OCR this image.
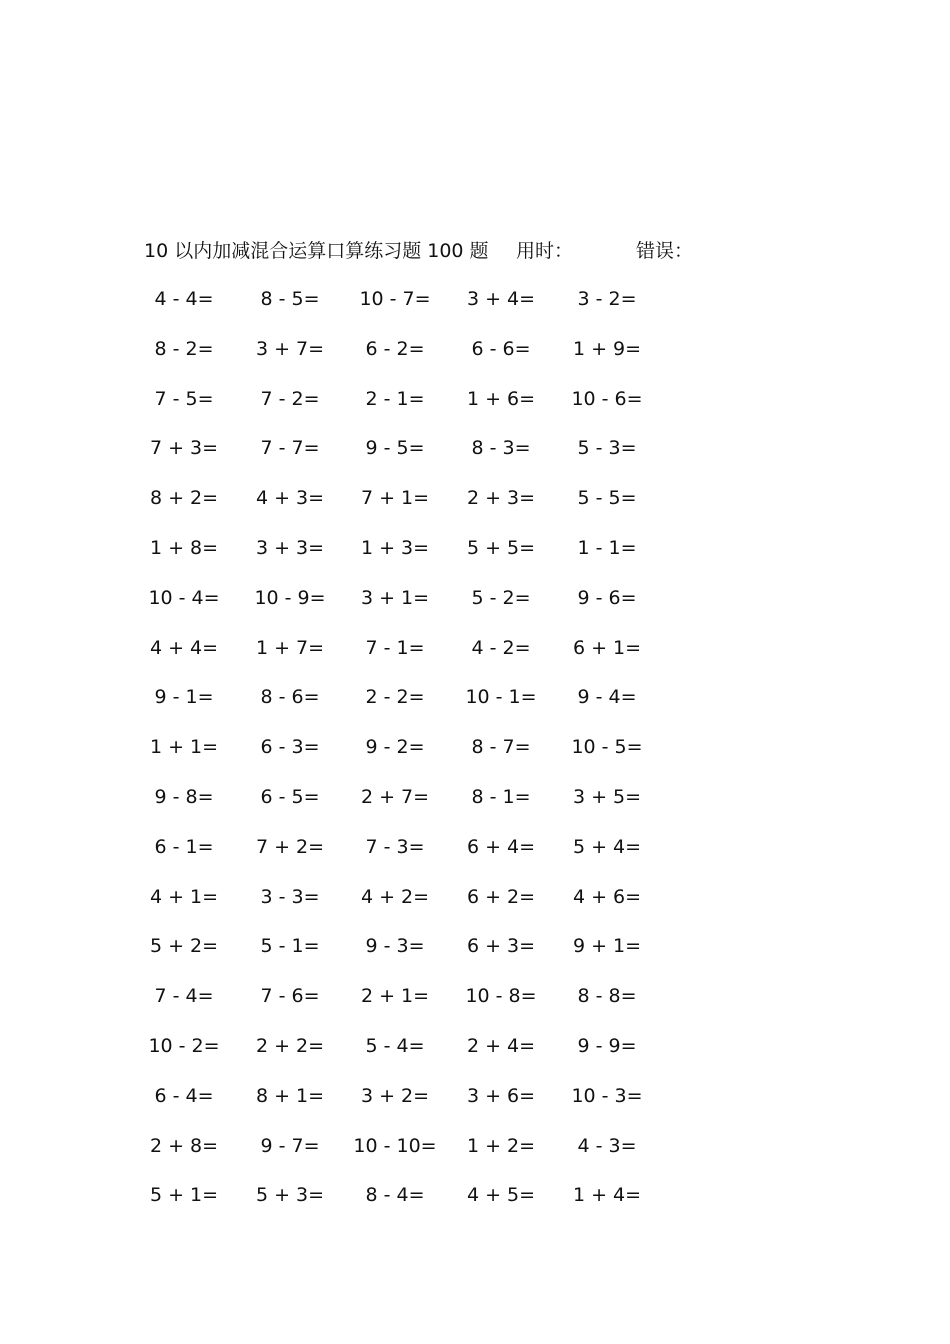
10 以内加减混合运算口算练习题 100 题 用时：	错误：
4 - 4= 8 - 5= 10 - 7= 3 + 4= 3 - 2=
8 - 2= 3 + 7= 6 - 2= 6 - 6= 1 + 9=
7 - 5= 7 - 2= 2 - 1= 1 + 6= 10 - 6=
7 + 3= 7 - 7= 9 - 5= 8 - 3= 5 - 3=
8 + 2= 4 + 3= 7 + 1= 2 + 3= 5 - 5=
1 + 8= 3 + 3= 1 + 3= 5 + 5= 1 - 1=
10 - 4= 10 - 9= 3 + 1= 5 - 2= 9 - 6=
4 + 4= 1 + 7= 7 - 1= 4 - 2= 6 + 1=
9 - 1= 8 - 6= 2 - 2= 10 - 1= 9 - 4=
1 + 1= 6 - 3= 9 - 2= 8 - 7= 10 - 5=
9 - 8= 6 - 5= 2 + 7= 8 - 1= 3 + 5=
6 - 1= 7 + 2= 7 - 3= 6 + 4= 5 + 4=
4 + 1= 3 - 3= 4 + 2= 6 + 2= 4 + 6=
5 + 2= 5 - 1= 9 - 3= 6 + 3= 9 + 1=
7 - 4= 7 - 6= 2 + 1= 10 - 8= 8 - 8=
10 - 2= 2 + 2= 5 - 4= 2 + 4= 9 - 9=
6 - 4= 8 + 1= 3 + 2= 3 + 6= 10 - 3=
2 + 8= 9 - 7= 10 - 10= 1 + 2= 4 - 3=
5 + 1= 5 + 3= 8 - 4= 4 + 5= 1 + 4=
